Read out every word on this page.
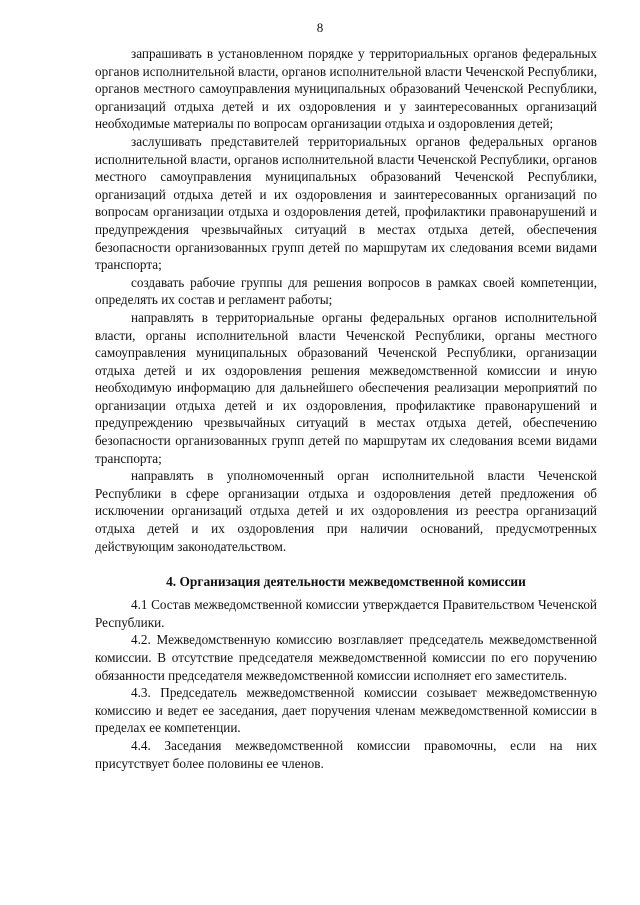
8

запрашивать в установленном порядке у территориальных органов федеральных органов исполнительной власти, органов исполнительной власти Чеченской Республики, органов местного самоуправления муниципальных образований Чеченской Республики, организаций отдыха детей и их оздоровления и у заинтересованных организаций необходимые материалы по вопросам организации отдыха и оздоровления детей;

заслушивать представителей территориальных органов федеральных органов исполнительной власти, органов исполнительной власти Чеченской Республики, органов местного самоуправления муниципальных образований Чеченской Республики, организаций отдыха детей и их оздоровления и заинтересованных организаций по вопросам организации отдыха и оздоровления детей, профилактики правонарушений и предупреждения чрезвычайных ситуаций в местах отдыха детей, обеспечения безопасности организованных групп детей по маршрутам их следования всеми видами транспорта;

создавать рабочие группы для решения вопросов в рамках своей компетенции, определять их состав и регламент работы;

направлять в территориальные органы федеральных органов исполнительной власти, органы исполнительной власти Чеченской Республики, органы местного самоуправления муниципальных образований Чеченской Республики, организации отдыха детей и их оздоровления решения межведомственной комиссии и иную необходимую информацию для дальнейшего обеспечения реализации мероприятий по организации отдыха детей и их оздоровления, профилактике правонарушений и предупреждению чрезвычайных ситуаций в местах отдыха детей, обеспечению безопасности организованных групп детей по маршрутам их следования всеми видами транспорта;

направлять в уполномоченный орган исполнительной власти Чеченской Республики в сфере организации отдыха и оздоровления детей предложения об исключении организаций отдыха детей и их оздоровления из реестра организаций отдыха детей и их оздоровления при наличии оснований, предусмотренных действующим законодательством.

4. Организация деятельности межведомственной комиссии

4.1 Состав межведомственной комиссии утверждается Правительством Чеченской Республики.

4.2. Межведомственную комиссию возглавляет председатель межведомственной комиссии. В отсутствие председателя межведомственной комиссии по его поручению обязанности председателя межведомственной комиссии исполняет его заместитель.

4.3. Председатель межведомственной комиссии созывает межведомственную комиссию и ведет ее заседания, дает поручения членам межведомственной комиссии в пределах ее компетенции.

4.4. Заседания межведомственной комиссии правомочны, если на них присутствует более половины ее членов.
